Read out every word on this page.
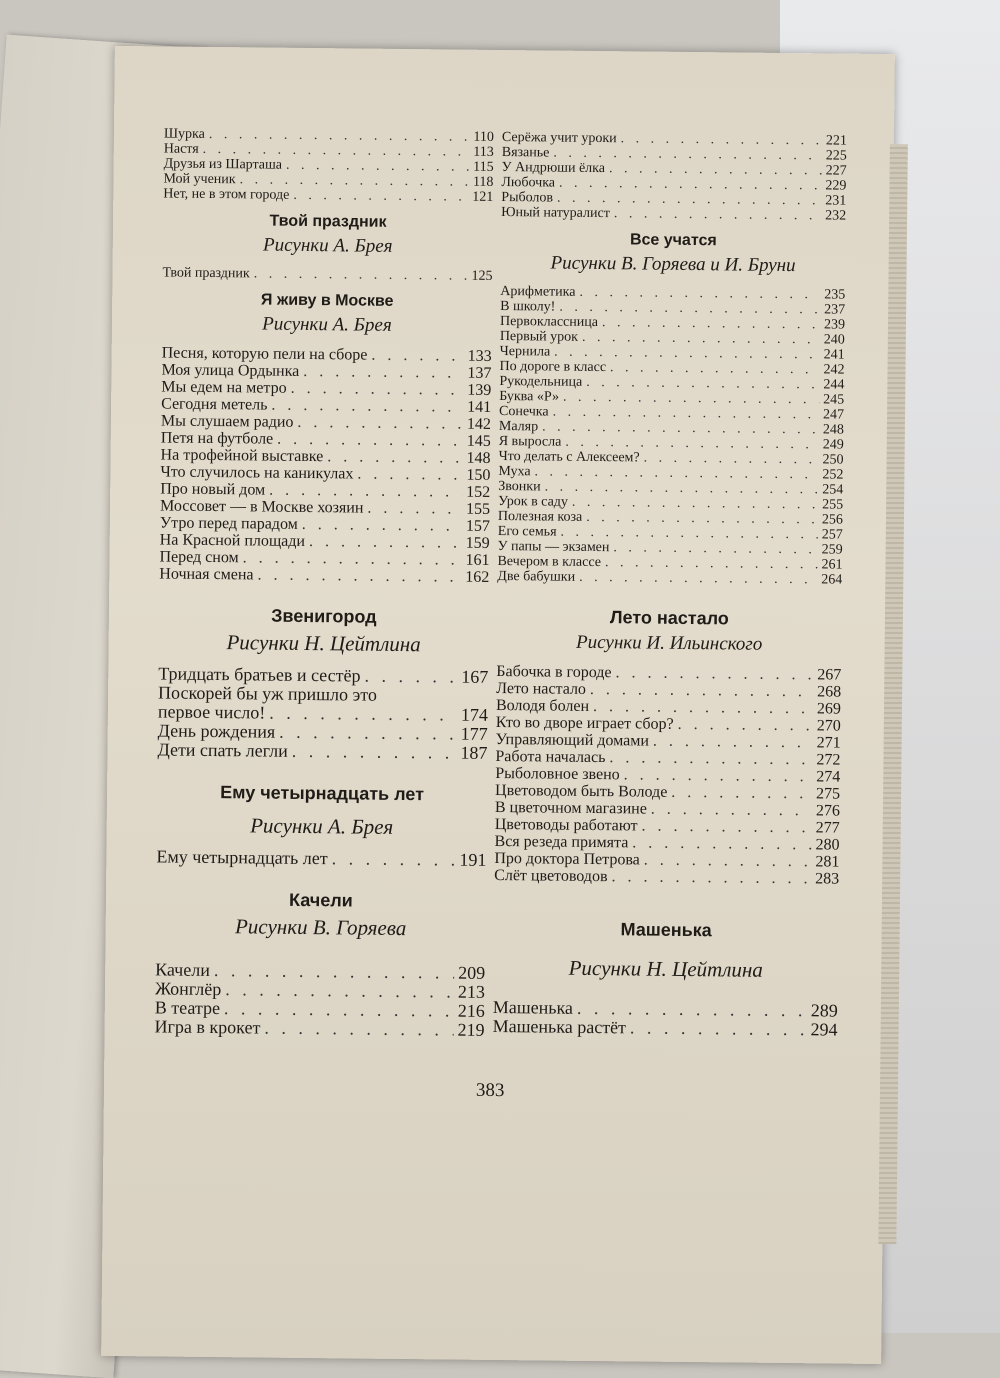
Шурка . . .	110
Настя . . .	113
Друзья из Шарташа . . .	115
Мой ученик . . .	118
Нет, не в этом городе . . .	121
Твой праздник
Рисунки А. Брея
Твой праздник . . .	125
Я живу в Москве
Рисунки А. Брея
Песня, которую пели на сборе . . .	133
Моя улица Ордынка . . .	137
Мы едем на метро . . .	139
Сегодня метель . . .	141
Мы слушаем радио . . .	142
Петя на футболе . . .	145
На трофейной выставке . . .	148
Что случилось на каникулах . . .	150
Про новый дом . . .	152
Моссовет — в Москве хозяин . . .	155
Утро перед парадом . . .	157
На Красной площади . . .	159
Перед сном . . .	161
Ночная смена . . .	162
Звенигород
Рисунки Н. Цейтлина
Тридцать братьев и сестёр . . .	167
Поскорей бы уж пришло это
первое число! . . .	174
День рождения . . .	177
Дети спать легли . . .	187
Ему четырнадцать лет
Рисунки А. Брея
Ему четырнадцать лет . . .	191
Качели
Рисунки В. Горяева
Качели . . .	209
Жонглёр . . .	213
В театре . . .	216
Игра в крокет . . .	219
Серёжа учит уроки . . .	221
Вязанье . . .	225
У Андрюши ёлка . . .	227
Любочка . . .	229
Рыболов . . .	231
Юный натуралист . . .	232
Все учатся
Рисунки В. Горяева и И. Бруни
Арифметика . . .	235
В школу! . . .	237
Первоклассница . . .	239
Первый урок . . .	240
Чернила . . .	241
По дороге в класс . . .	242
Рукодельница . . .	244
Буква «Р» . . .	245
Сонечка . . .	247
Маляр . . .	248
Я выросла . . .	249
Что делать с Алексеем? . . .	250
Муха . . .	252
Звонки . . .	254
Урок в саду . . .	255
Полезная коза . . .	256
Его семья . . .	257
У папы — экзамен . . .	259
Вечером в классе . . .	261
Две бабушки . . .	264
Лето настало
Рисунки И. Ильинского
Бабочка в городе . . .	267
Лето настало . . .	268
Володя болен . . .	269
Кто во дворе играет сбор? . . .	270
Управляющий домами . . .	271
Работа началась . . .	272
Рыболовное звено . . .	274
Цветоводом быть Володе . . .	275
В цветочном магазине . . .	276
Цветоводы работают . . .	277
Вся резеда примята . . .	280
Про доктора Петрова . . .	281
Слёт цветоводов . . .	283
Машенька
Рисунки Н. Цейтлина
Машенька . . .	289
Машенька растёт . . .	294
383
